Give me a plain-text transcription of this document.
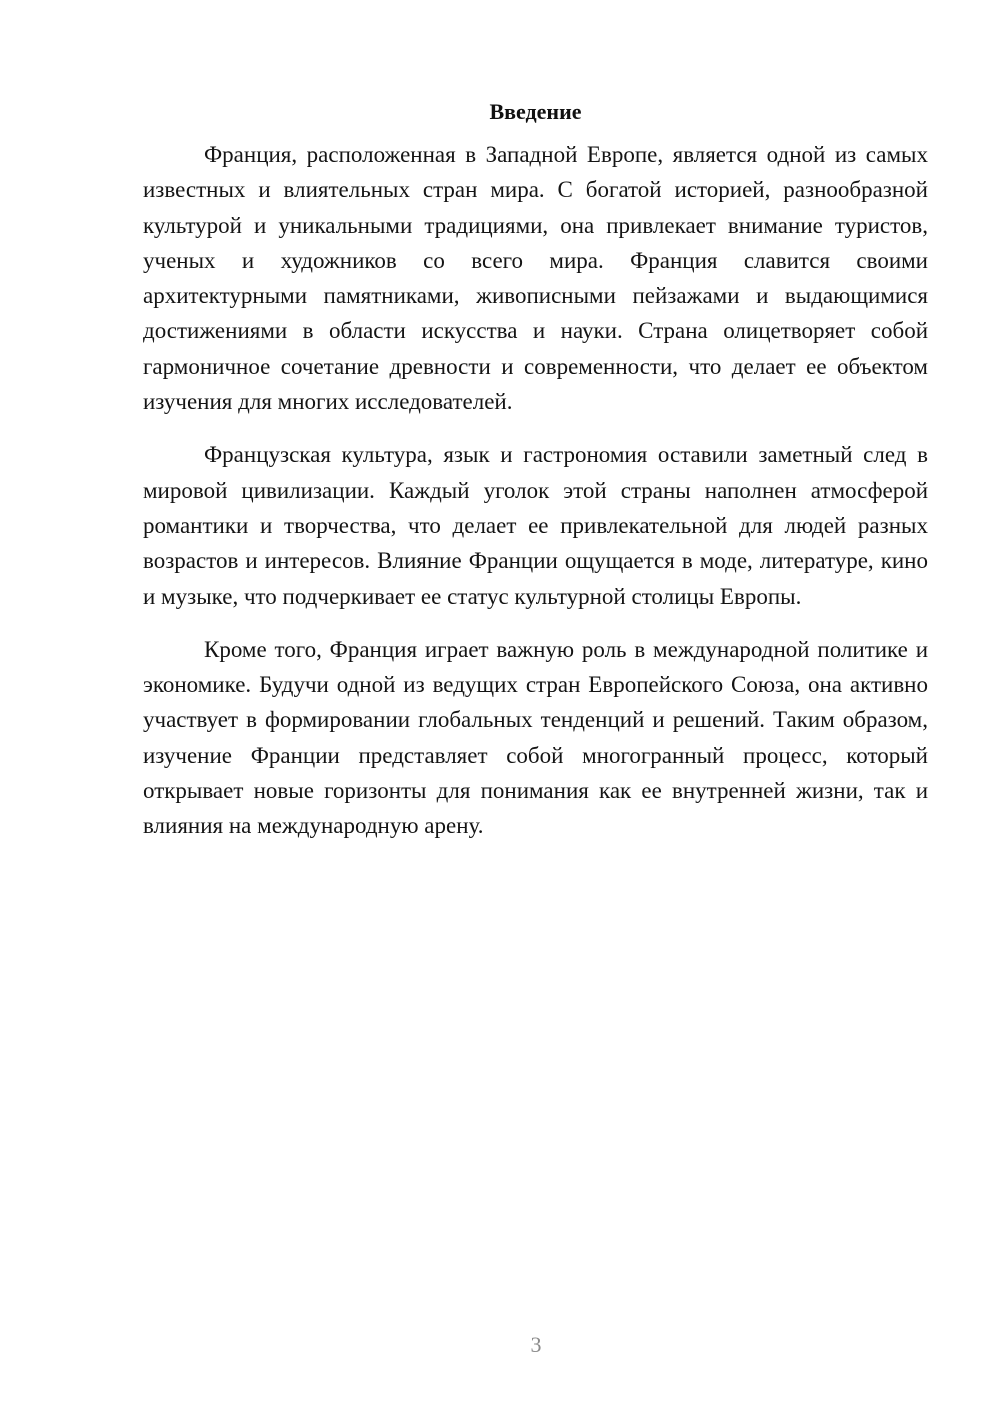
Введение

Франция, расположенная в Западной Европе, является одной из самых известных и влиятельных стран мира. С богатой историей, разнообразной культурой и уникальными традициями, она привлекает внимание туристов, ученых и художников со всего мира. Франция славится своими архитектурными памятниками, живописными пейзажами и выдающимися достижениями в области искусства и науки. Страна олицетворяет собой гармоничное сочетание древности и современности, что делает ее объектом изучения для многих исследователей.

Французская культура, язык и гастрономия оставили заметный след в мировой цивилизации. Каждый уголок этой страны наполнен атмосферой романтики и творчества, что делает ее привлекательной для людей разных возрастов и интересов. Влияние Франции ощущается в моде, литературе, кино и музыке, что подчеркивает ее статус культурной столицы Европы.

Кроме того, Франция играет важную роль в международной политике и экономике. Будучи одной из ведущих стран Европейского Союза, она активно участвует в формировании глобальных тенденций и решений. Таким образом, изучение Франции представляет собой многогранный процесс, который открывает новые горизонты для понимания как ее внутренней жизни, так и влияния на международную арену.

3
